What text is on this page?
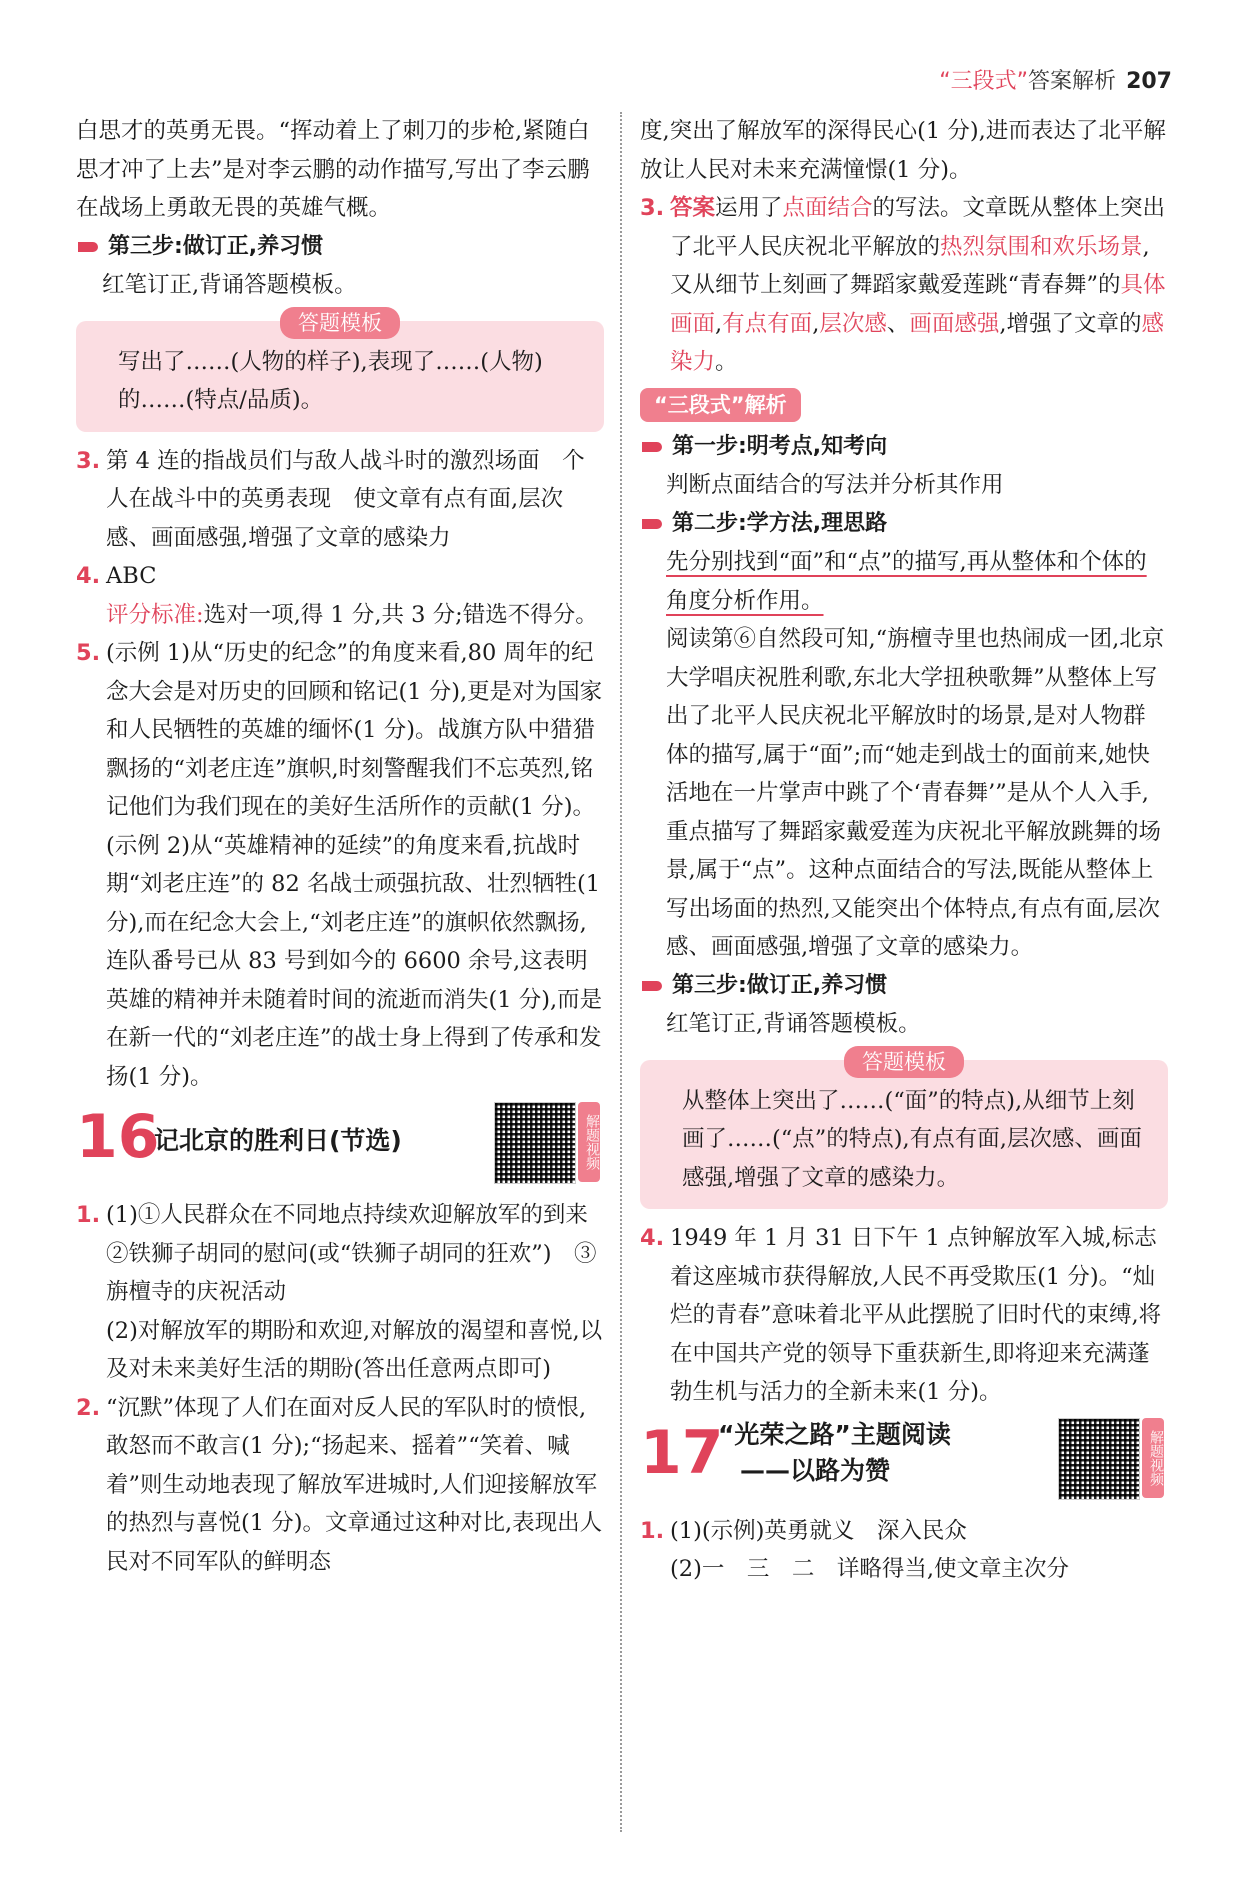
“三段式”答案解析 207

白思才的英勇无畏。“挥动着上了刺刀的步枪,紧随白思才冲了上去”是对李云鹏的动作描写,写出了李云鹏在战场上勇敢无畏的英雄气概。

第三步:做订正,养习惯

红笔订正,背诵答题模板。

答题模板

写出了……(人物的样子),表现了……(人物)的……(特点/品质)。

3. 第 4 连的指战员们与敌人战斗时的激烈场面　个人在战斗中的英勇表现　使文章有点有面,层次感、画面感强,增强了文章的感染力
4. ABC
评分标准:选对一项,得 1 分,共 3 分;错选不得分。
5. (示例 1)从“历史的纪念”的角度来看,80 周年的纪念大会是对历史的回顾和铭记(1 分),更是对为国家和人民牺牲的英雄的缅怀(1 分)。战旗方队中猎猎飘扬的“刘老庄连”旗帜,时刻警醒我们不忘英烈,铭记他们为我们现在的美好生活所作的贡献(1 分)。
(示例 2)从“英雄精神的延续”的角度来看,抗战时期“刘老庄连”的 82 名战士顽强抗敌、壮烈牺牲(1 分),而在纪念大会上,“刘老庄连”的旗帜依然飘扬,连队番号已从 83 号到如今的 6600 余号,这表明英雄的精神并未随着时间的流逝而消失(1 分),而是在新一代的“刘老庄连”的战士身上得到了传承和发扬(1 分)。
16
记北京的胜利日(节选)	解题视频
1. (1)①人民群众在不同地点持续欢迎解放军的到来　②铁狮子胡同的慰问(或“铁狮子胡同的狂欢”)　③旃檀寺的庆祝活动
(2)对解放军的期盼和欢迎,对解放的渴望和喜悦,以及对未来美好生活的期盼(答出任意两点即可)
2. “沉默”体现了人们在面对反人民的军队时的愤恨,敢怒而不敢言(1 分);“扬起来、摇着”“笑着、喊着”则生动地表现了解放军进城时,人们迎接解放军的热烈与喜悦(1 分)。文章通过这种对比,表现出人民对不同军队的鲜明态

度,突出了解放军的深得民心(1 分),进而表达了北平解放让人民对未来充满憧憬(1 分)。

3. 答案运用了点面结合的写法。文章既从整体上突出了北平人民庆祝北平解放的热烈氛围和欢乐场景,又从细节上刻画了舞蹈家戴爱莲跳“青春舞”的具体画面,有点有面,层次感、画面感强,增强了文章的感染力。
“三段式”解析
第一步:明考点,知考向

判断点面结合的写法并分析其作用

第二步:学方法,理思路

先分别找到“面”和“点”的描写,再从整体和个体的角度分析作用。

阅读第⑥自然段可知,“旃檀寺里也热闹成一团,北京大学唱庆祝胜利歌,东北大学扭秧歌舞”从整体上写出了北平人民庆祝北平解放时的场景,是对人物群体的描写,属于“面”;而“她走到战士的面前来,她快活地在一片掌声中跳了个‘青春舞’”是从个人入手,重点描写了舞蹈家戴爱莲为庆祝北平解放跳舞的场景,属于“点”。这种点面结合的写法,既能从整体上写出场面的热烈,又能突出个体特点,有点有面,层次感、画面感强,增强了文章的感染力。

第三步:做订正,养习惯

红笔订正,背诵答题模板。

答题模板

从整体上突出了……(“面”的特点),从细节上刻画了……(“点”的特点),有点有面,层次感、画面感强,增强了文章的感染力。

4. 1949 年 1 月 31 日下午 1 点钟解放军入城,标志着这座城市获得解放,人民不再受欺压(1 分)。“灿烂的青春”意味着北平从此摆脱了旧时代的束缚,将在中国共产党的领导下重获新生,即将迎来充满蓬勃生机与活力的全新未来(1 分)。
17
“光荣之路”主题阅读
——以路为赞	解题视频
1. (1)(示例)英勇就义　深入民众
(2)一　三　二　详略得当,使文章主次分
